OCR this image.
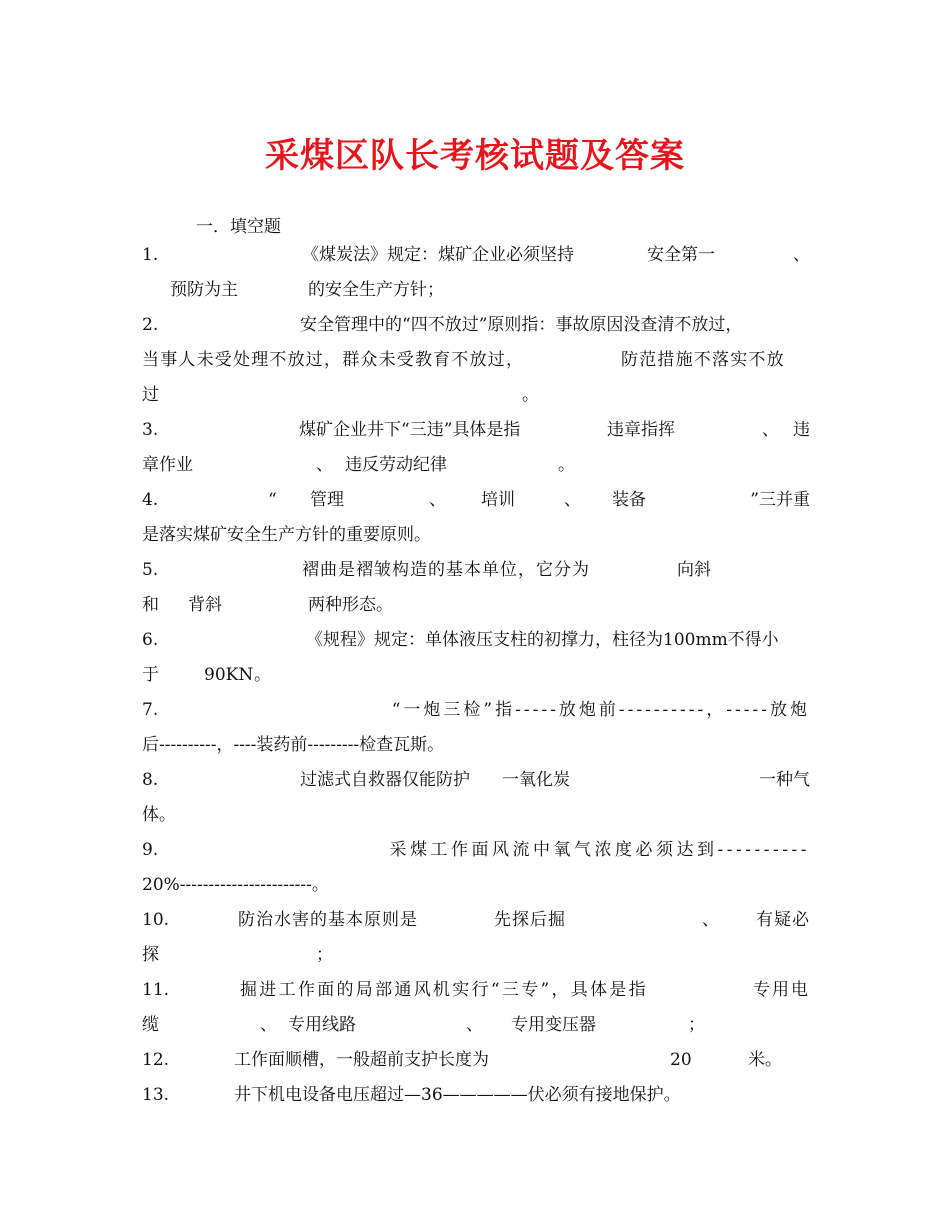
采煤区队长考核试题及答案
一．填空题
1.	《煤炭法》规定：煤矿企业必须坚持	安全第一	、
预防为主	的安全生产方针；
2.	安全管理中的“四不放过”原则指：事故原因没查清不放过，
当事人未受处理不放过，群众未受教育不放过，	防范措施不落实不放
过	。
3.	煤矿企业井下“三违”具体是指	违章指挥	、 违
章作业	、 违反劳动纪律	。
4.	“ 管理	、 培训	、 装备	”三并重
是落实煤矿安全生产方针的重要原则。
5.	褶曲是褶皱构造的基本单位，它分为	向斜
和 背斜	两种形态。
6.	《规程》规定：单体液压支柱的初撑力，柱径为100mm不得小
于	90KN 。
7.	“一炮三检”指-----放炮前----------，-----放炮
后----------，----装药前---------检查瓦斯。
8.	过滤式自救器仅能防护 一氧化炭	一种气
体。
9.	采煤工作面风流中氧气浓度必须达到----------
20%-----------------------。
10.	防治水害的基本原则是	先探后掘	、 有疑必
探	；
11.	掘进工作面的局部通风机实行“三专”，具体是指	专用电
缆	、 专用线路	、 专用变压器	；
12.	工作面顺槽，一般超前支护长度为	20	米。
13.	井下机电设备电压超过—36—————伏必须有接地保护。
